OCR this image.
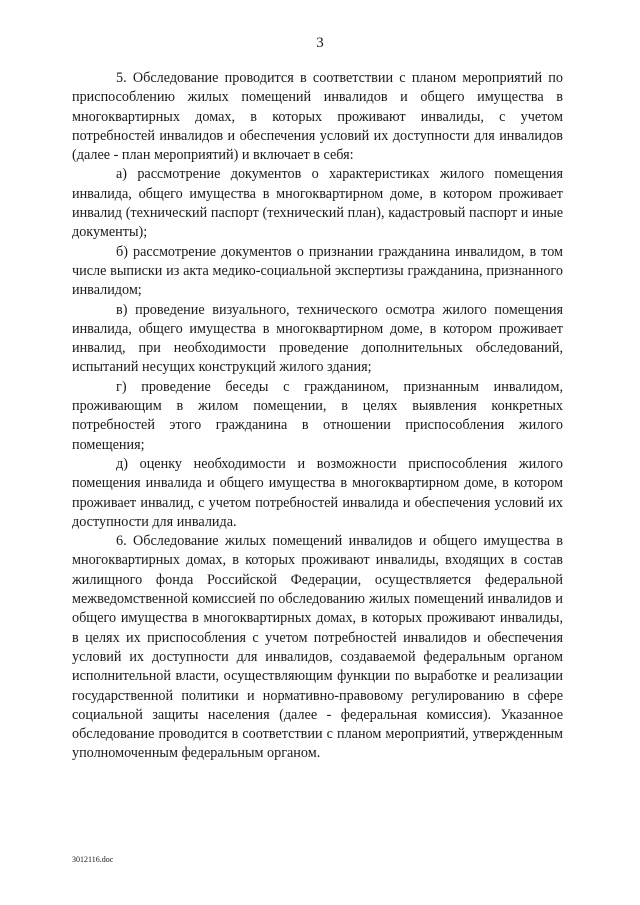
3

5. Обследование проводится в соответствии с планом мероприятий по приспособлению жилых помещений инвалидов и общего имущества в многоквартирных домах, в которых проживают инвалиды, с учетом потребностей инвалидов и обеспечения условий их доступности для инвалидов (далее - план мероприятий) и включает в себя:

а) рассмотрение документов о характеристиках жилого помещения инвалида, общего имущества в многоквартирном доме, в котором проживает инвалид (технический паспорт (технический план), кадастровый паспорт и иные документы);

б) рассмотрение документов о признании гражданина инвалидом, в том числе выписки из акта медико-социальной экспертизы гражданина, признанного инвалидом;

в) проведение визуального, технического осмотра жилого помещения инвалида, общего имущества в многоквартирном доме, в котором проживает инвалид, при необходимости проведение дополнительных обследований, испытаний несущих конструкций жилого здания;

г) проведение беседы с гражданином, признанным инвалидом, проживающим в жилом помещении, в целях выявления конкретных потребностей этого гражданина в отношении приспособления жилого помещения;

д) оценку необходимости и возможности приспособления жилого помещения инвалида и общего имущества в многоквартирном доме, в котором проживает инвалид, с учетом потребностей инвалида и обеспечения условий их доступности для инвалида.

6. Обследование жилых помещений инвалидов и общего имущества в многоквартирных домах, в которых проживают инвалиды, входящих в состав жилищного фонда Российской Федерации, осуществляется федеральной межведомственной комиссией по обследованию жилых помещений инвалидов и общего имущества в многоквартирных домах, в которых проживают инвалиды, в целях их приспособления с учетом потребностей инвалидов и обеспечения условий их доступности для инвалидов, создаваемой федеральным органом исполнительной власти, осуществляющим функции по выработке и реализации государственной политики и нормативно-правовому регулированию в сфере социальной защиты населения (далее - федеральная комиссия). Указанное обследование проводится в соответствии с планом мероприятий, утвержденным уполномоченным федеральным органом.

3012116.doc
